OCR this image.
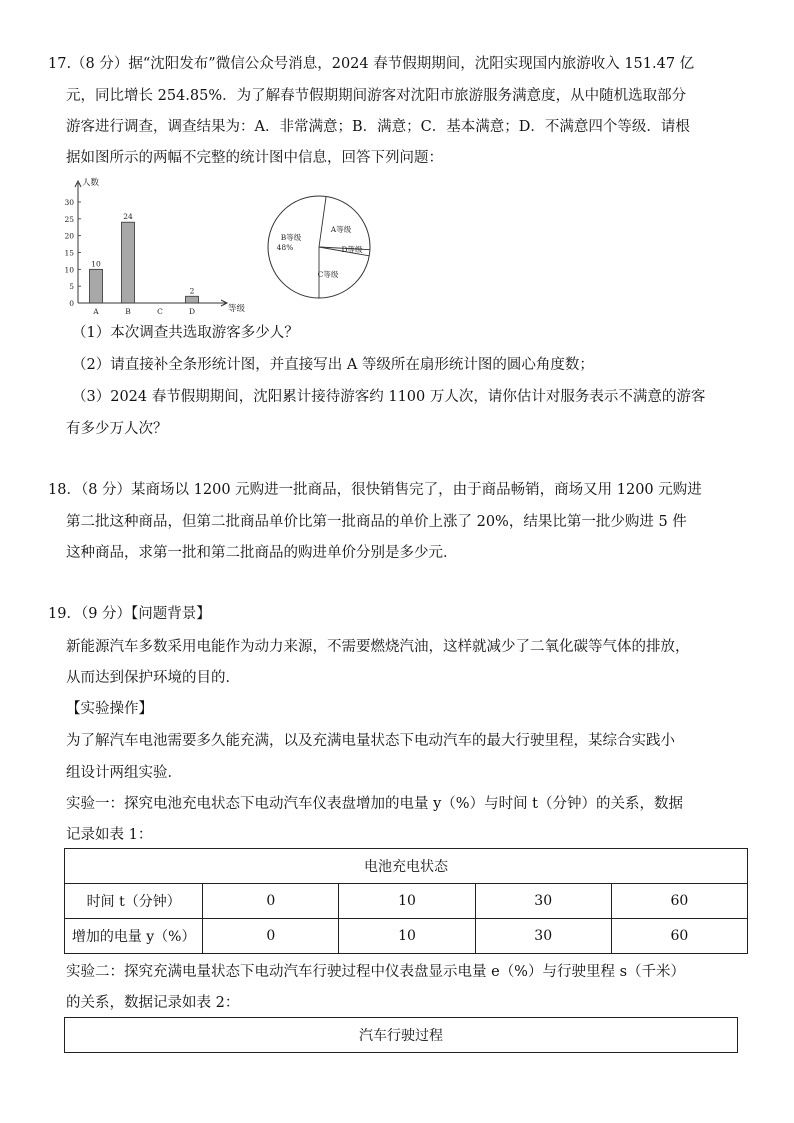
17.（8 分）据“沈阳发布”微信公众号消息，2024 春节假期期间，沈阳实现国内旅游收入 151.47 亿
元，同比增长 254.85%．为了解春节假期期间游客对沈阳市旅游服务满意度，从中随机选取部分
游客进行调查，调查结果为：A．非常满意；B．满意；C．基本满意；D．不满意四个等级．请根
据如图所示的两幅不完整的统计图中信息，回答下列问题：
人数
等级
0
5
10
15
20
25
30
A
10
B
24
C	D
2
A等级
D等级
C等级
B等级
48%
（1）本次调查共选取游客多少人？
（2）请直接补全条形统计图，并直接写出 A 等级所在扇形统计图的圆心角度数；
（3）2024 春节假期期间，沈阳累计接待游客约 1100 万人次，请你估计对服务表示不满意的游客
有多少万人次？
18．（8 分）某商场以 1200 元购进一批商品，很快销售完了，由于商品畅销，商场又用 1200 元购进
第二批这种商品，但第二批商品单价比第一批商品的单价上涨了 20%，结果比第一批少购进 5 件
这种商品，求第一批和第二批商品的购进单价分别是多少元．
19．（9 分）【问题背景】
新能源汽车多数采用电能作为动力来源，不需要燃烧汽油，这样就减少了二氧化碳等气体的排放，
从而达到保护环境的目的．
【实验操作】
为了解汽车电池需要多久能充满，以及充满电量状态下电动汽车的最大行驶里程，某综合实践小
组设计两组实验．
实验一：探究电池充电状态下电动汽车仪表盘增加的电量 y（%）与时间 t（分钟）的关系，数据
记录如表 1：
电池充电状态				
时间 t（分钟）	0	10	30	60
增加的电量 y（%）	0	10	30	60
实验二：探究充满电量状态下电动汽车行驶过程中仪表盘显示电量 e（%）与行驶里程 s（千米）
的关系，数据记录如表 2：
汽车行驶过程
